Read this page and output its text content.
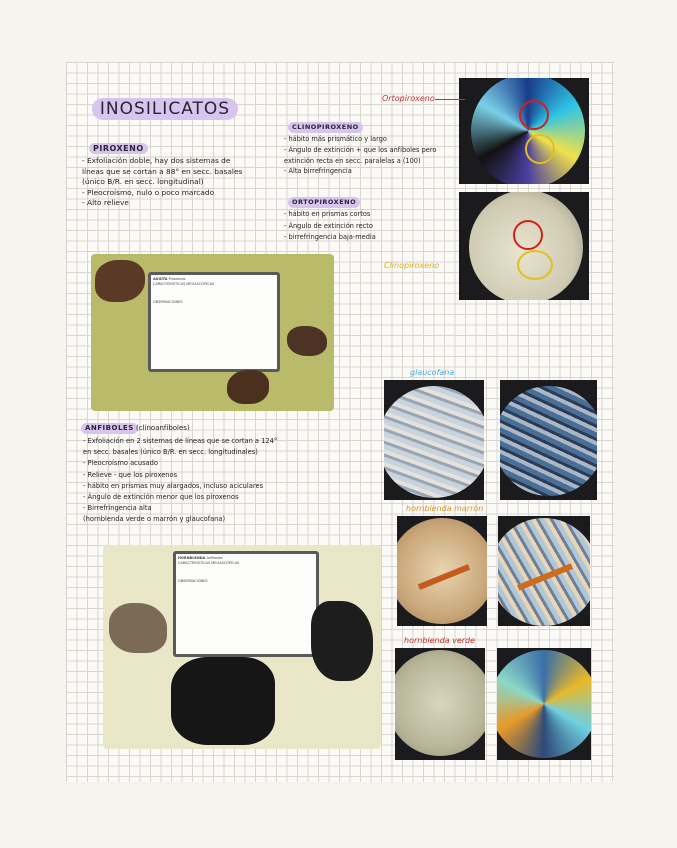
INOSILICATOS
PIROXENO
- Exfoliación doble, hay dos sistemas de
líneas que se cortan a 88° en secc. basales
(único B/R. en secc. longitudinal)
- Pleocroísmo, nulo o poco marcado
- Alto relieve
CLINOPIROXENO
- hábito más prismático y largo
- Ángulo de extinción + que los anfíboles pero
extinción recta en secc. paralelas a (100)
- Alta birrefringencia
ORTOPIROXENO
- hábito en prismas cortos
- Ángulo de extinción recto
- birrefringencia baja-media
Ortopiroxeno
Clinopiroxeno
AUGITA Piroxenos
CARACTERÍSTICAS MEGASCÓPICAS

OBSERVACIONES
ANFIBOLES (clinoanfíboles)
- Exfoliación en 2 sistemas de líneas que se cortan a 124°
en secc. basales (único B/R. en secc. longitudinales)
- Pleocroísmo acusado
- Relieve - que los piroxenos
- hábito en prismas muy alargados, incluso aciculares
- Ángulo de extinción menor que los piroxenos
- Birrefringencia alta
(hornblenda verde o marrón y glaucofana)
HORNBLENDA Anfíboles
CARACTERÍSTICAS MEGASCÓPICAS

OBSERVACIONES
glaucofana
hornblenda marrón
hornblenda verde
